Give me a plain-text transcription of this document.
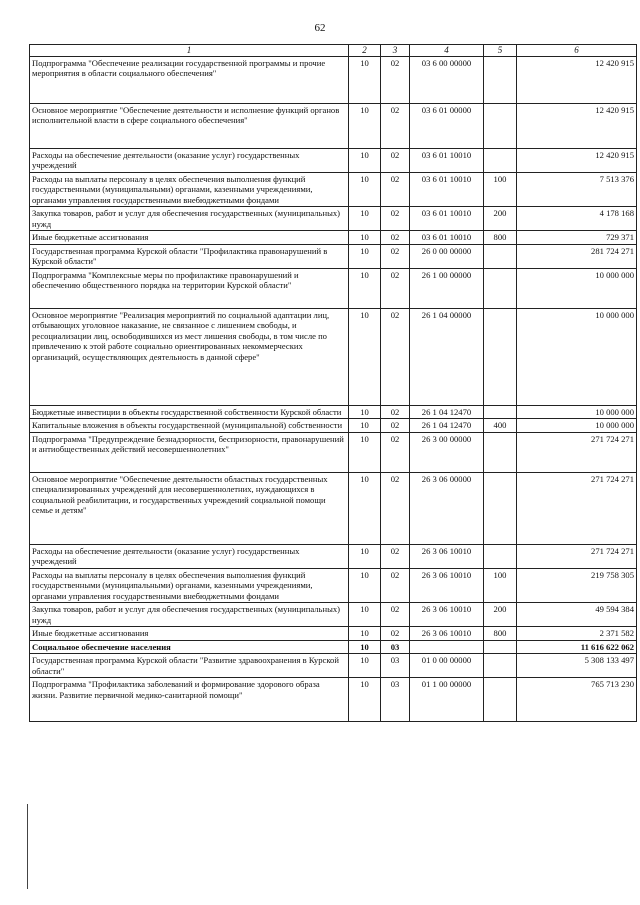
62
1	2	3	4	5	6
Подпрограмма "Обеспечение реализации государственной программы и прочие мероприятия в области социального обеспечения"	10	02	03 6 00 00000		12 420 915
Основное мероприятие "Обеспечение деятельности и исполнение функций органов исполнительной власти в сфере социального обеспечения"	10	02	03 6 01 00000		12 420 915
Расходы на обеспечение деятельности (оказание услуг) государственных учреждений	10	02	03 6 01 10010		12 420 915
Расходы на выплаты персоналу в целях обеспечения выполнения функций государственными (муниципальными) органами, казенными учреждениями, органами управления государственными внебюджетными фондами	10	02	03 6 01 10010	100	7 513 376
Закупка товаров, работ и услуг для обеспечения государственных (муниципальных) нужд	10	02	03 6 01 10010	200	4 178 168
Иные бюджетные ассигнования	10	02	03 6 01 10010	800	729 371
Государственная программа Курской области "Профилактика правонарушений в Курской области"	10	02	26 0 00 00000		281 724 271
Подпрограмма "Комплексные меры по профилактике правонарушений и обеспечению общественного порядка на территории Курской области"	10	02	26 1 00 00000		10 000 000
Основное мероприятие "Реализация мероприятий по социальной адаптации лиц, отбывающих уголовное наказание, не связанное с лишением свободы, и ресоциализации лиц, освободившихся из мест лишения свободы, в том числе по привлечению к этой работе социально ориентированных некоммерческих организаций, осуществляющих деятельность в данной сфере"	10	02	26 1 04 00000		10 000 000
Бюджетные инвестиции в объекты государственной собственности Курской области	10	02	26 1 04 12470		10 000 000
Капитальные вложения в объекты государственной (муниципальной) собственности	10	02	26 1 04 12470	400	10 000 000
Подпрограмма "Предупреждение безнадзорности, беспризорности, правонарушений и антиобщественных действий несовершеннолетних"	10	02	26 3 00 00000		271 724 271
Основное мероприятие "Обеспечение деятельности областных государственных специализированных учреждений для несовершеннолетних, нуждающихся в социальной реабилитации, и государственных учреждений социальной помощи семье и детям"	10	02	26 3 06 00000		271 724 271
Расходы на обеспечение деятельности (оказание услуг) государственных учреждений	10	02	26 3 06 10010		271 724 271
Расходы на выплаты персоналу в целях обеспечения выполнения функций государственными (муниципальными) органами, казенными учреждениями, органами управления государственными внебюджетными фондами	10	02	26 3 06 10010	100	219 758 305
Закупка товаров, работ и услуг для обеспечения государственных (муниципальных) нужд	10	02	26 3 06 10010	200	49 594 384
Иные бюджетные ассигнования	10	02	26 3 06 10010	800	2 371 582
Социальное обеспечение населения	10	03			11 616 622 062
Государственная программа Курской области "Развитие здравоохранения в Курской области"	10	03	01 0 00 00000		5 308 133 497
Подпрограмма "Профилактика заболеваний и формирование здорового образа жизни. Развитие первичной медико-санитарной помощи"	10	03	01 1 00 00000		765 713 230
